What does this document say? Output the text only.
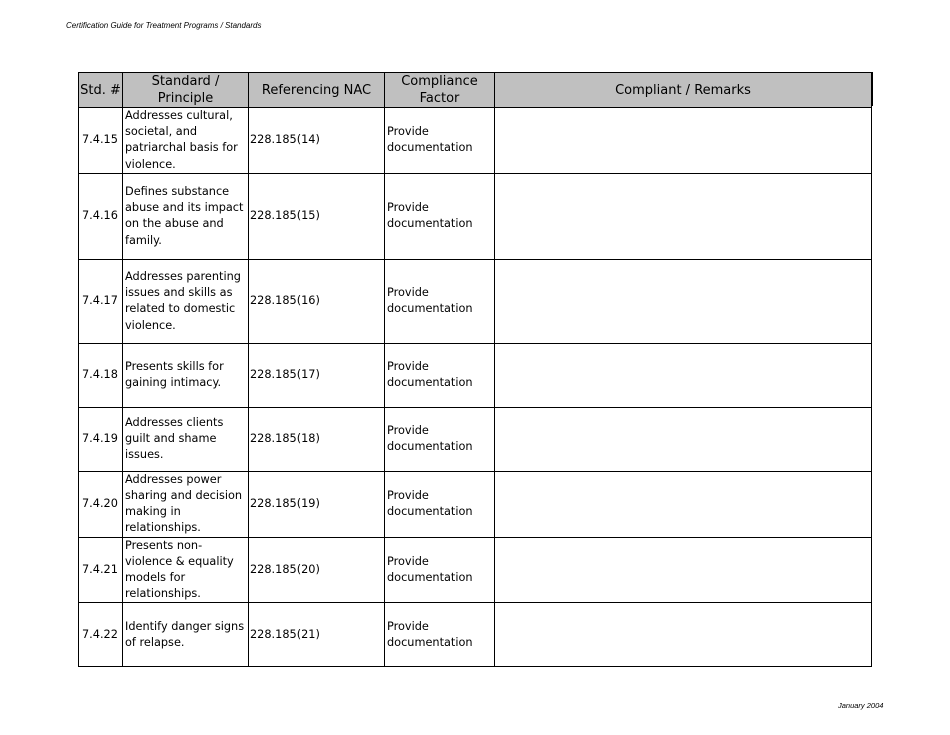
Certification Guide for Treatment Programs / Standards
Std. #	Standard / Principle	Referencing NAC	Compliance Factor	Compliant / Remarks
7.4.15	Addresses cultural, societal, and patriarchal basis for violence.	228.185(14)	Provide documentation	
7.4.16	Defines substance abuse and its impact on the abuse and family.	228.185(15)	Provide documentation	
7.4.17	Addresses parenting issues and skills as related to domestic violence.	228.185(16)	Provide documentation	
7.4.18	Presents skills for gaining intimacy.	228.185(17)	Provide documentation	
7.4.19	Addresses clients guilt and shame issues.	228.185(18)	Provide documentation	
7.4.20	Addresses power sharing and decision making in relationships.	228.185(19)	Provide documentation	
7.4.21	Presents non-violence & equality models for relationships.	228.185(20)	Provide documentation	
7.4.22	Identify danger signs of relapse.	228.185(21)	Provide documentation	
January 2004
